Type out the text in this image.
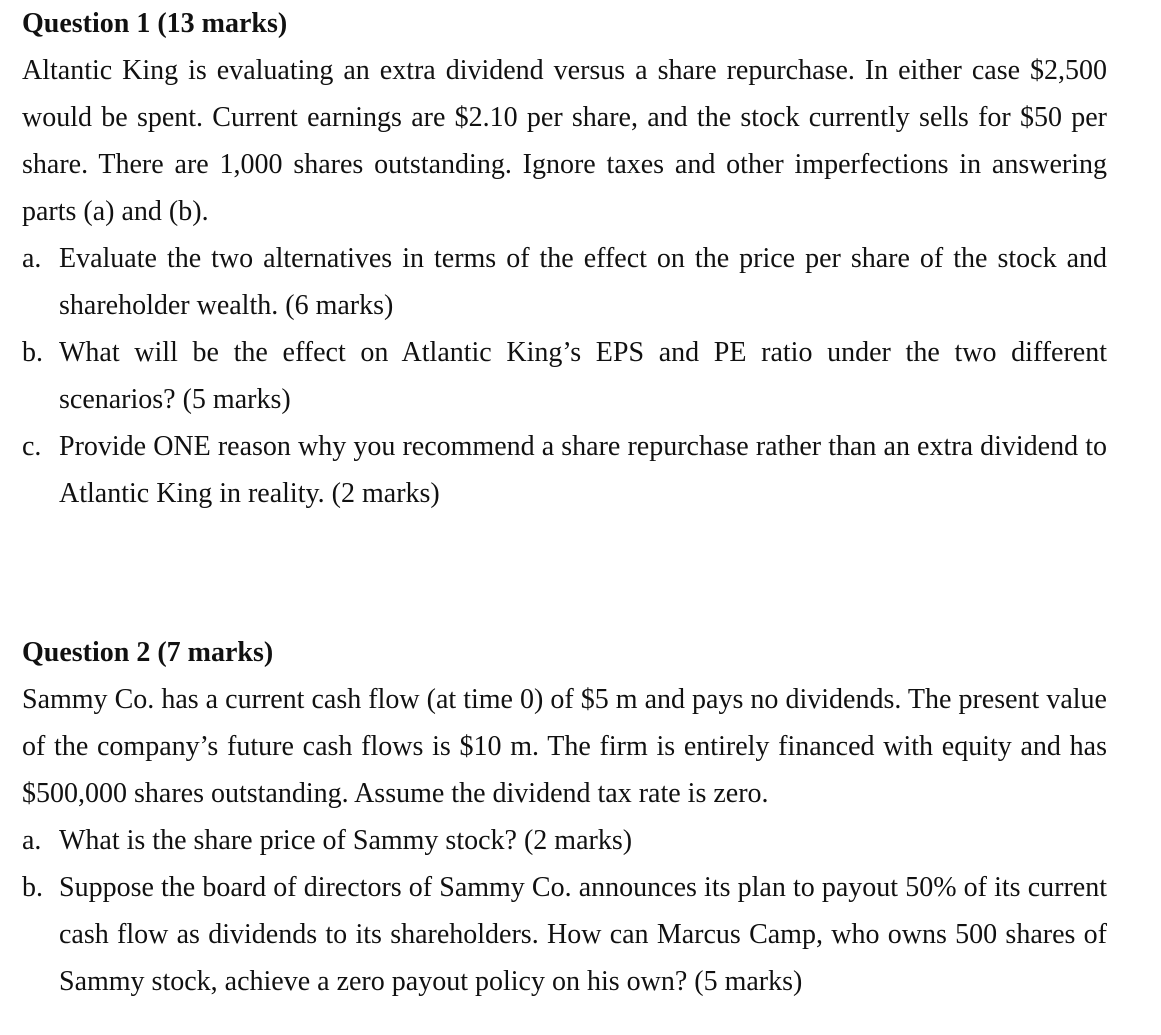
Question 1 (13 marks)

Altantic King is evaluating an extra dividend versus a share repurchase. In either case $2,500 would be spent. Current earnings are $2.10 per share, and the stock currently sells for $50 per share. There are 1,000 shares outstanding. Ignore taxes and other imperfections in answering parts (a) and (b).

a. Evaluate the two alternatives in terms of the effect on the price per share of the stock and shareholder wealth. (6 marks)
b. What will be the effect on Atlantic King’s EPS and PE ratio under the two different scenarios? (5 marks)
c. Provide ONE reason why you recommend a share repurchase rather than an extra dividend to Atlantic King in reality. (2 marks)
Question 2 (7 marks)

Sammy Co. has a current cash flow (at time 0) of $5 m and pays no dividends. The present value of the company’s future cash flows is $10 m. The firm is entirely financed with equity and has $500,000 shares outstanding. Assume the dividend tax rate is zero.

a. What is the share price of Sammy stock? (2 marks)
b. Suppose the board of directors of Sammy Co. announces its plan to payout 50% of its current cash flow as dividends to its shareholders. How can Marcus Camp, who owns 500 shares of Sammy stock, achieve a zero payout policy on his own? (5 marks)
